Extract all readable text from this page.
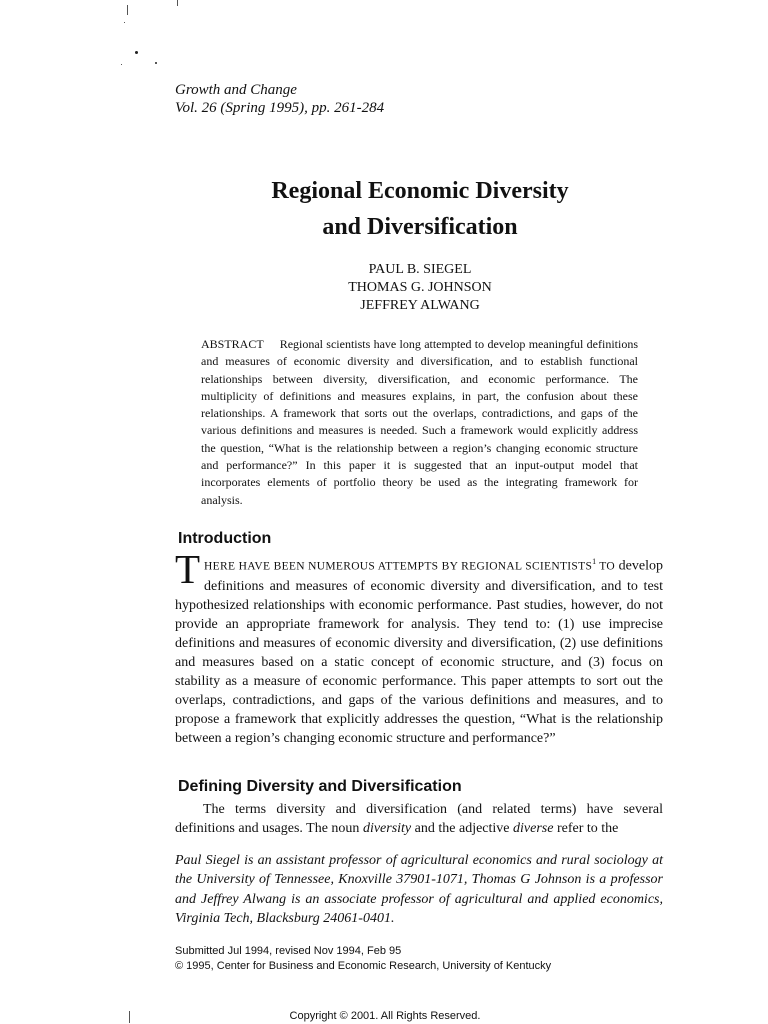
Growth and Change
Vol. 26 (Spring 1995), pp. 261-284
Regional Economic Diversity
and Diversification
PAUL B. SIEGEL
THOMAS G. JOHNSON
JEFFREY ALWANG
ABSTRACT Regional scientists have long attempted to develop meaningful definitions and measures of economic diversity and diversification, and to establish functional relationships between diversity, diversification, and economic performance. The multiplicity of definitions and measures explains, in part, the confusion about these relationships. A framework that sorts out the overlaps, contradictions, and gaps of the various definitions and measures is needed. Such a framework would explicitly address the question, “What is the relationship between a region’s changing economic structure and performance?” In this paper it is suggested that an input-output model that incorporates elements of portfolio theory be used as the integrating framework for analysis.
Introduction
THERE HAVE BEEN NUMEROUS ATTEMPTS BY REGIONAL SCIENTISTS$^1$ TO develop definitions and measures of economic diversity and diversification, and to test hypothesized relationships with economic performance. Past studies, however, do not provide an appropriate framework for analysis. They tend to: (1) use imprecise definitions and measures of economic diversity and diversification, (2) use definitions and measures based on a static concept of economic structure, and (3) focus on stability as a measure of economic performance. This paper attempts to sort out the overlaps, contradictions, and gaps of the various definitions and measures, and to propose a framework that explicitly addresses the question, “What is the relationship between a region’s changing economic structure and performance?”
Defining Diversity and Diversification
The terms diversity and diversification (and related terms) have several definitions and usages. The noun diversity and the adjective diverse refer to the
Paul Siegel is an assistant professor of agricultural economics and rural sociology at the University of Tennessee, Knoxville 37901-1071, Thomas G Johnson is a professor and Jeffrey Alwang is an associate professor of agricultural and applied economics, Virginia Tech, Blacksburg 24061-0401.
Submitted Jul 1994, revised Nov 1994, Feb 95
© 1995, Center for Business and Economic Research, University of Kentucky
Copyright © 2001. All Rights Reserved.
